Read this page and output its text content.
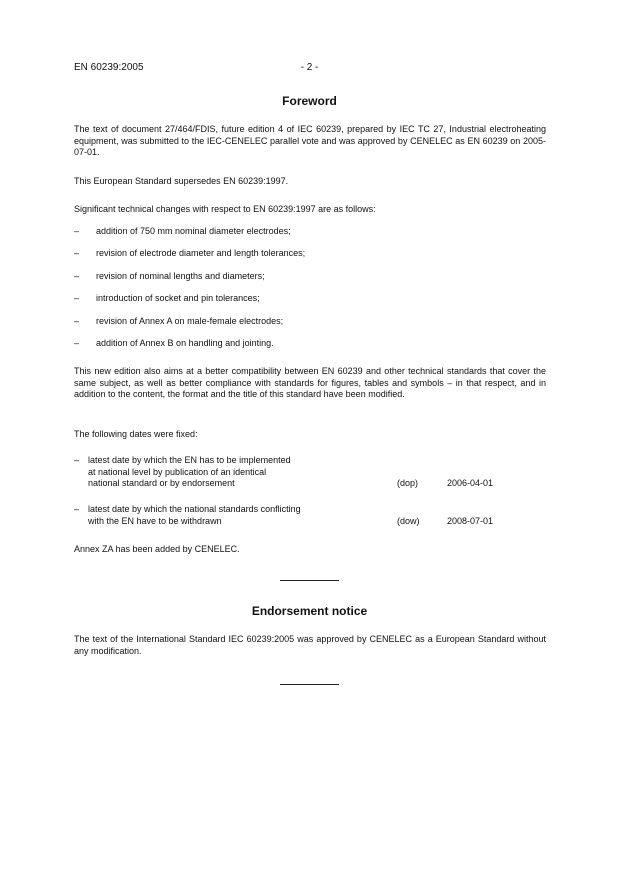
EN 60239:2005	- 2 -
Foreword

The text of document 27/464/FDIS, future edition 4 of IEC 60239, prepared by IEC TC 27, Industrial electroheating equipment, was submitted to the IEC-CENELEC parallel vote and was approved by CENELEC as EN 60239 on 2005-07-01.

This European Standard supersedes EN 60239:1997.

Significant technical changes with respect to EN 60239:1997 are as follows:

– addition of 750 mm nominal diameter electrodes;
– revision of electrode diameter and length tolerances;
– revision of nominal lengths and diameters;
– introduction of socket and pin tolerances;
– revision of Annex A on male-female electrodes;
– addition of Annex B on handling and jointing.

This new edition also aims at a better compatibility between EN 60239 and other technical standards that cover the same subject, as well as better compliance with standards for figures, tables and symbols – in that respect, and in addition to the content, the format and the title of this standard have been modified.

The following dates were fixed:

– latest date by which the EN has to be implemented
at national level by publication of an identical
national standard or by endorsement	(dop)	2006-04-01
– latest date by which the national standards conflicting
with the EN have to be withdrawn	(dow)	2008-07-01

Annex ZA has been added by CENELEC.

Endorsement notice

The text of the International Standard IEC 60239:2005 was approved by CENELEC as a European Standard without any modification.
